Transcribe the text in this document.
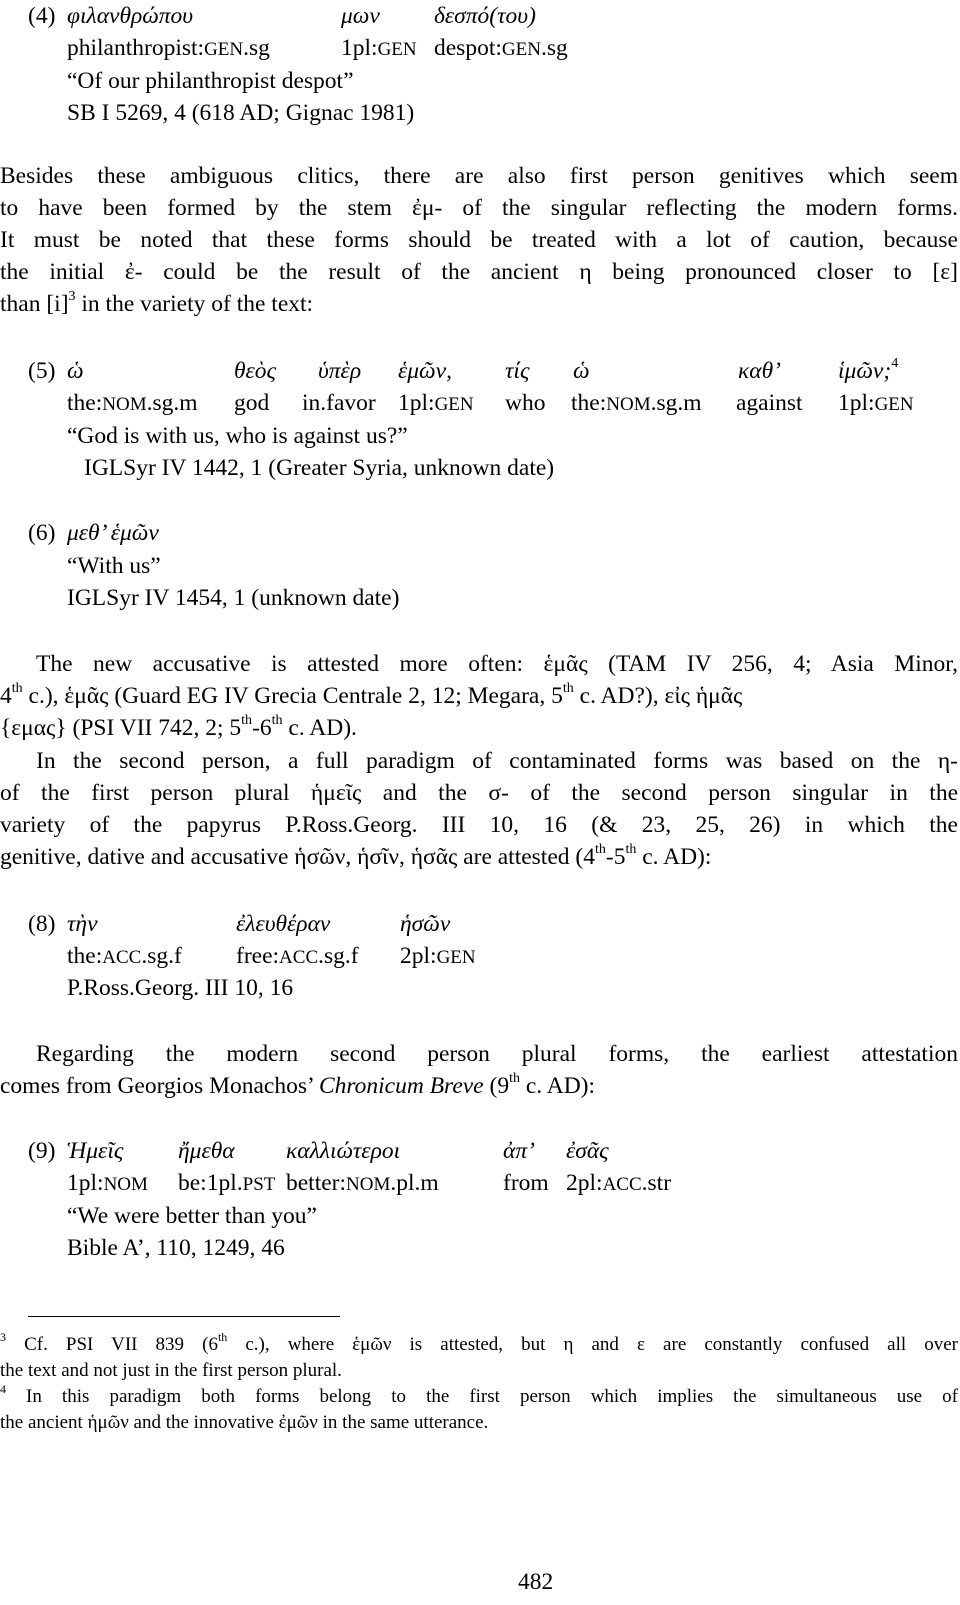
(4) φιλανθρώπου	μων δεσπό(του)
philanthropist:GEN.sg	1pl:GEN despot:GEN.sg
“Of our philanthropist despot”
SB I 5269, 4 (618 AD; Gignac 1981)
Besides these ambiguous clitics, there are also first person genitives which seem
to have been formed by the stem ἐμ- of the singular reflecting the modern forms.
It must be noted that these forms should be treated with a lot of caution, because
the initial ἐ- could be the result of the ancient η being pronounced closer to [ε]
than $[i]^3$ in the variety of the text:
(5) ὡ	θεὸς ὑπὲρ ἑμῶν, τίς ὡ	καθ’ ἱμῶν;$^4$
the:NOM.sg.m god in.favor 1pl:GEN who the:NOM.sg.m against 1pl:GEN
“God is with us, who is against us?”
IGLSyr IV 1442, 1 (Greater Syria, unknown date)
(6) μεθ’ ἑμῶν
“With us”
IGLSyr IV 1454, 1 (unknown date)
The new accusative is attested more often: ἑμᾶς (TAM IV 256, 4; Asia Minor,
4th c.), ἑμᾶς (Guard EG IV Grecia Centrale 2, 12; Megara, 5th c. AD?), εἰς ἡμᾶς
{εμας} (PSI VII 742, 2; 5th-6th c. AD).
In the second person, a full paradigm of contaminated forms was based on the η-
of the first person plural ἡμεῖς and the σ- of the second person singular in the
variety of the papyrus P.Ross.Georg. III 10, 16 (& 23, 25, 26) in which the
genitive, dative and accusative ἡσῶν, ἡσῖν, ἡσᾶς are attested (4th-5th c. AD):
(8) τὴν	ἐλευθέραν	ἡσῶν
the:ACC.sg.f free:ACC.sg.f 2pl:GEN
P.Ross.Georg. III 10, 16
Regarding the modern second person plural forms, the earliest attestation
comes from Georgios Monachos’ Chronicum Breve (9th c. AD):
(9) Ἡμεῖς ἤμεθα καλλιώτεροι	ἀπ’ ἐσᾶς
1pl:NOM be:1pl.PST better:NOM.pl.m	from 2pl:ACC.str
“We were better than you”
Bible A’, 110, 1249, 46
$^3$ Cf. PSI VII 839 (6th c.), where ἑμῶν is attested, but η and ε are constantly confused all over
the text and not just in the first person plural.
$^4$ In this paradigm both forms belong to the first person which implies the simultaneous use of
the ancient ἡμῶν and the innovative ἐμῶν in the same utterance.
482
